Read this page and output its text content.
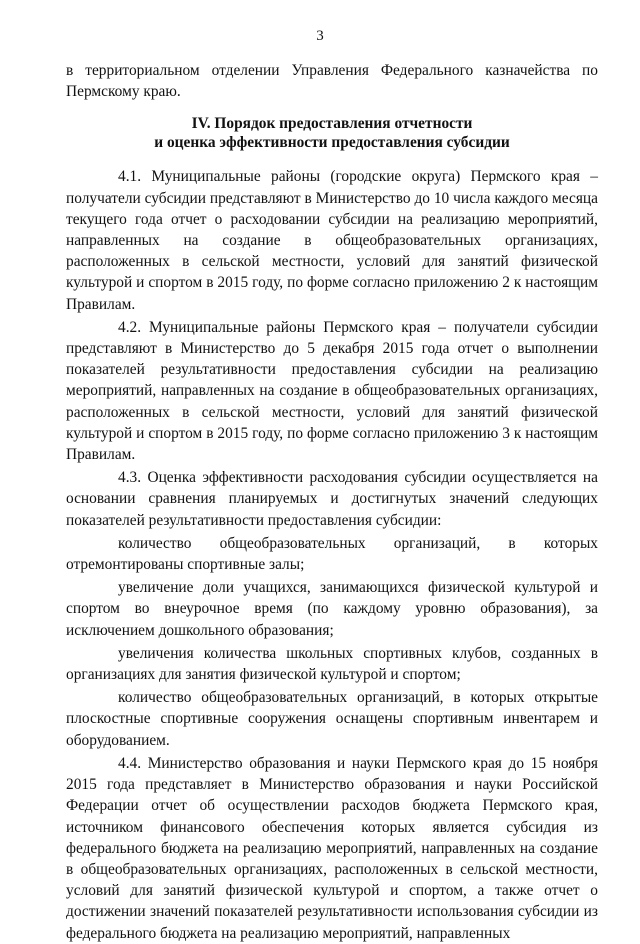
3

в территориальном отделении Управления Федерального казначейства по Пермскому краю.

IV. Порядок предоставления отчетности
и оценка эффективности предоставления субсидии

4.1. Муниципальные районы (городские округа) Пермского края – получатели субсидии представляют в Министерство до 10 числа каждого месяца текущего года отчет о расходовании субсидии на реализацию мероприятий, направленных на создание в общеобразовательных организациях, расположенных в сельской местности, условий для занятий физической культурой и спортом в 2015 году, по форме согласно приложению 2 к настоящим Правилам.

4.2. Муниципальные районы Пермского края – получатели субсидии представляют в Министерство до 5 декабря 2015 года отчет о выполнении показателей результативности предоставления субсидии на реализацию мероприятий, направленных на создание в общеобразовательных организациях, расположенных в сельской местности, условий для занятий физической культурой и спортом в 2015 году, по форме согласно приложению 3 к настоящим Правилам.

4.3. Оценка эффективности расходования субсидии осуществляется на основании сравнения планируемых и достигнутых значений следующих показателей результативности предоставления субсидии:

количество общеобразовательных организаций, в которых отремонтированы спортивные залы;

увеличение доли учащихся, занимающихся физической культурой и спортом во внеурочное время (по каждому уровню образования), за исключением дошкольного образования;

увеличения количества школьных спортивных клубов, созданных в организациях для занятия физической культурой и спортом;

количество общеобразовательных организаций, в которых открытые плоскостные спортивные сооружения оснащены спортивным инвентарем и оборудованием.

4.4. Министерство образования и науки Пермского края до 15 ноября 2015 года представляет в Министерство образования и науки Российской Федерации отчет об осуществлении расходов бюджета Пермского края, источником финансового обеспечения которых является субсидия из федерального бюджета на реализацию мероприятий, направленных на создание в общеобразовательных организациях, расположенных в сельской местности, условий для занятий физической культурой и спортом, а также отчет о достижении значений показателей результативности использования субсидии из федерального бюджета на реализацию мероприятий, направленных
